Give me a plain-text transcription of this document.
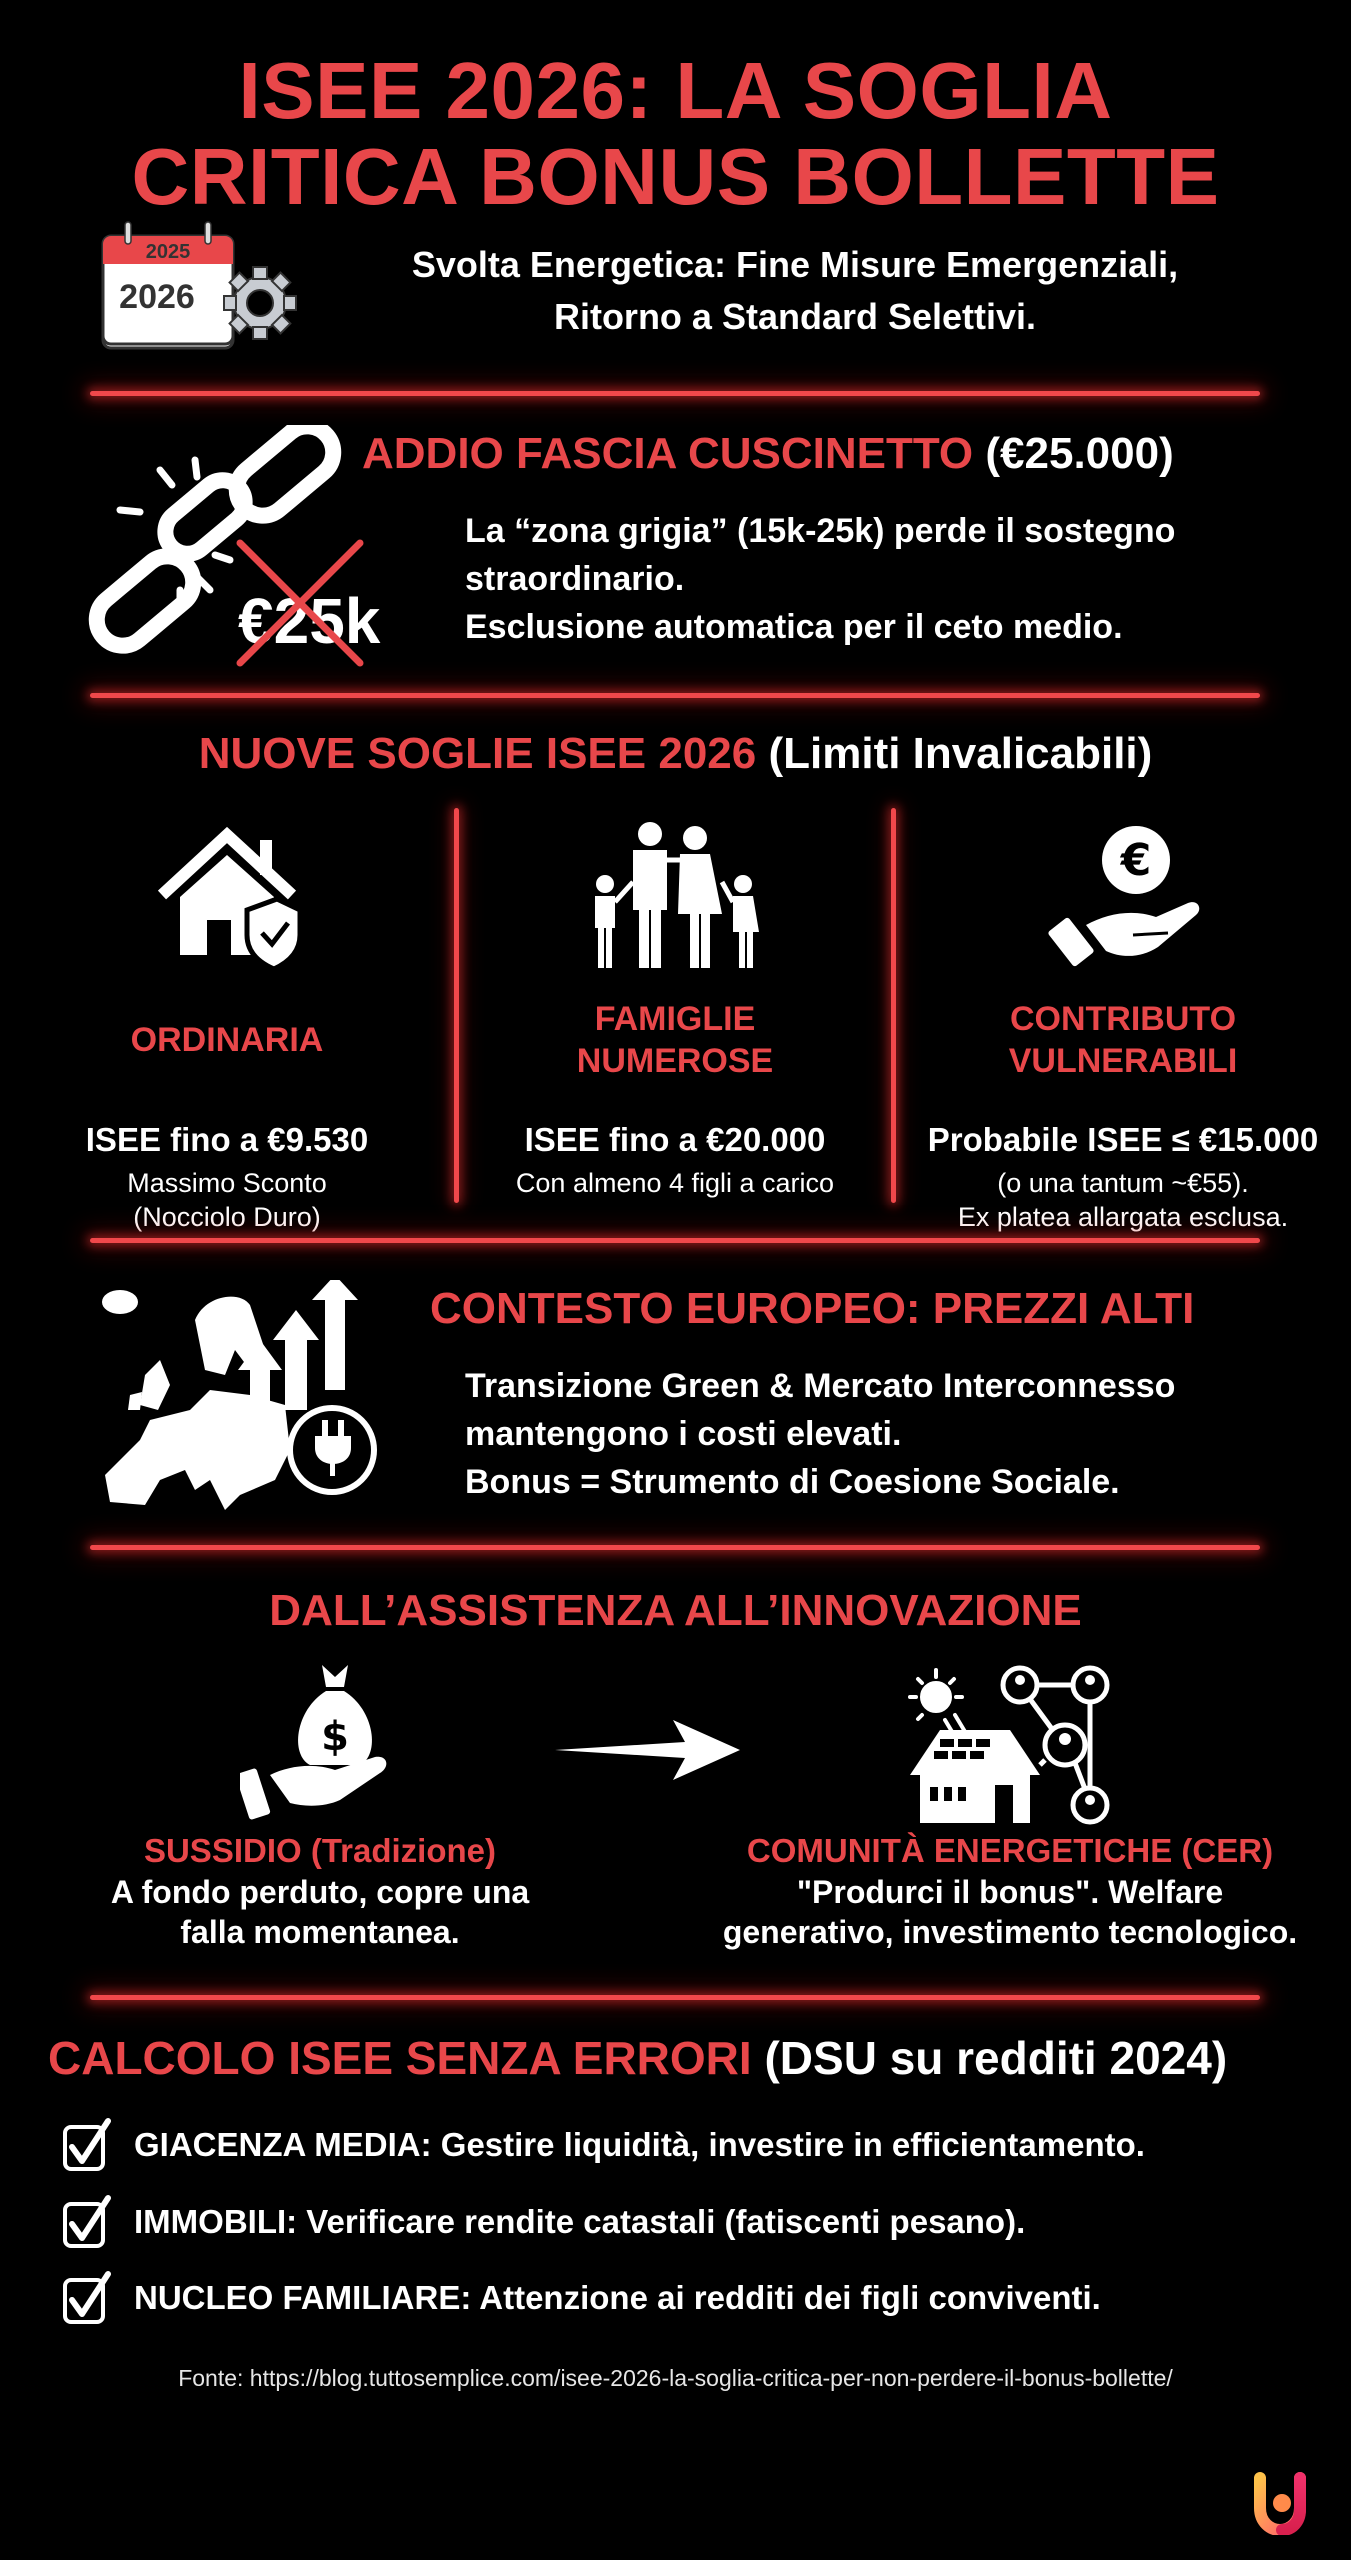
ISEE 2026: LA SOGLIA
CRITICA BONUS BOLLETTE
2025
2026
Svolta Energetica: Fine Misure Emergenziali,
Ritorno a Standard Selettivi.
€25k
ADDIO FASCIA CUSCINETTO (€25.000)
La “zona grigia” (15k-25k) perde il sostegno
straordinario.
Esclusione automatica per il ceto medio.
NUOVE SOGLIE ISEE 2026 (Limiti Invalicabili)
ORDINARIA
ISEE fino a €9.530
Massimo Sconto
(Nocciolo Duro)
FAMIGLIE
NUMEROSE
ISEE fino a €20.000
Con almeno 4 figli a carico
€
CONTRIBUTO
VULNERABILI
Probabile ISEE ≤ €15.000
(o una tantum ~€55).
Ex platea allargata esclusa.
CONTESTO EUROPEO: PREZZI ALTI
Transizione Green & Mercato Interconnesso
mantengono i costi elevati.
Bonus = Strumento di Coesione Sociale.
DALL’ASSISTENZA ALL’INNOVAZIONE
$
SUSSIDIO (Tradizione)
A fondo perduto, copre una
falla momentanea.
COMUNITÀ ENERGETICHE (CER)
"Produrci il bonus". Welfare
generativo, investimento tecnologico.
CALCOLO ISEE SENZA ERRORI (DSU su redditi 2024)
GIACENZA MEDIA: Gestire liquidità, investire in efficientamento.
IMMOBILI: Verificare rendite catastali (fatiscenti pesano).
NUCLEO FAMILIARE: Attenzione ai redditi dei figli conviventi.
Fonte: https://blog.tuttosemplice.com/isee-2026-la-soglia-critica-per-non-perdere-il-bonus-bollette/
